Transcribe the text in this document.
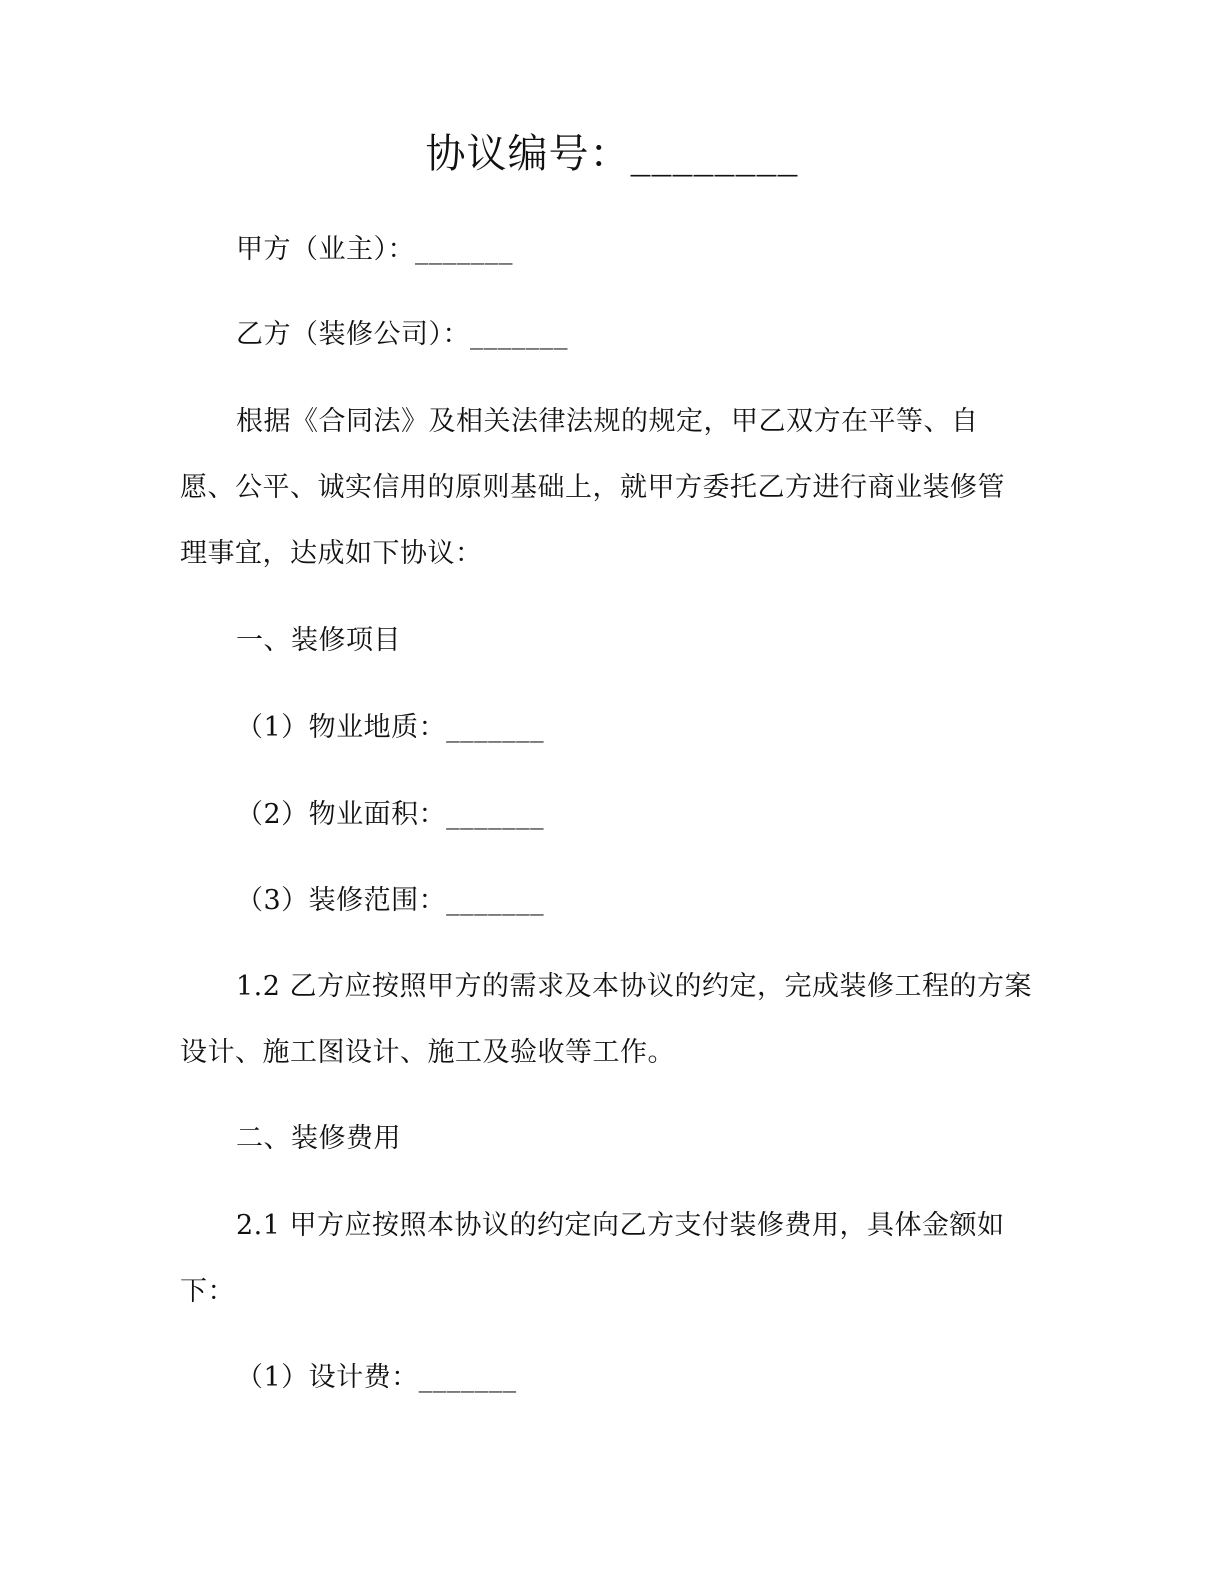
协议编号：________
甲方（业主）：_______
乙方（装修公司）：_______
根据《合同法》及相关法律法规的规定，甲乙双方在平等、自
愿、公平、诚实信用的原则基础上，就甲方委托乙方进行商业装修管
理事宜，达成如下协议：
一、装修项目
（1）物业地质：_______
（2）物业面积：_______
（3）装修范围：_______
1.2 乙方应按照甲方的需求及本协议的约定，完成装修工程的方案
设计、施工图设计、施工及验收等工作。
二、装修费用
2.1 甲方应按照本协议的约定向乙方支付装修费用，具体金额如
下：
（1）设计费：_______
